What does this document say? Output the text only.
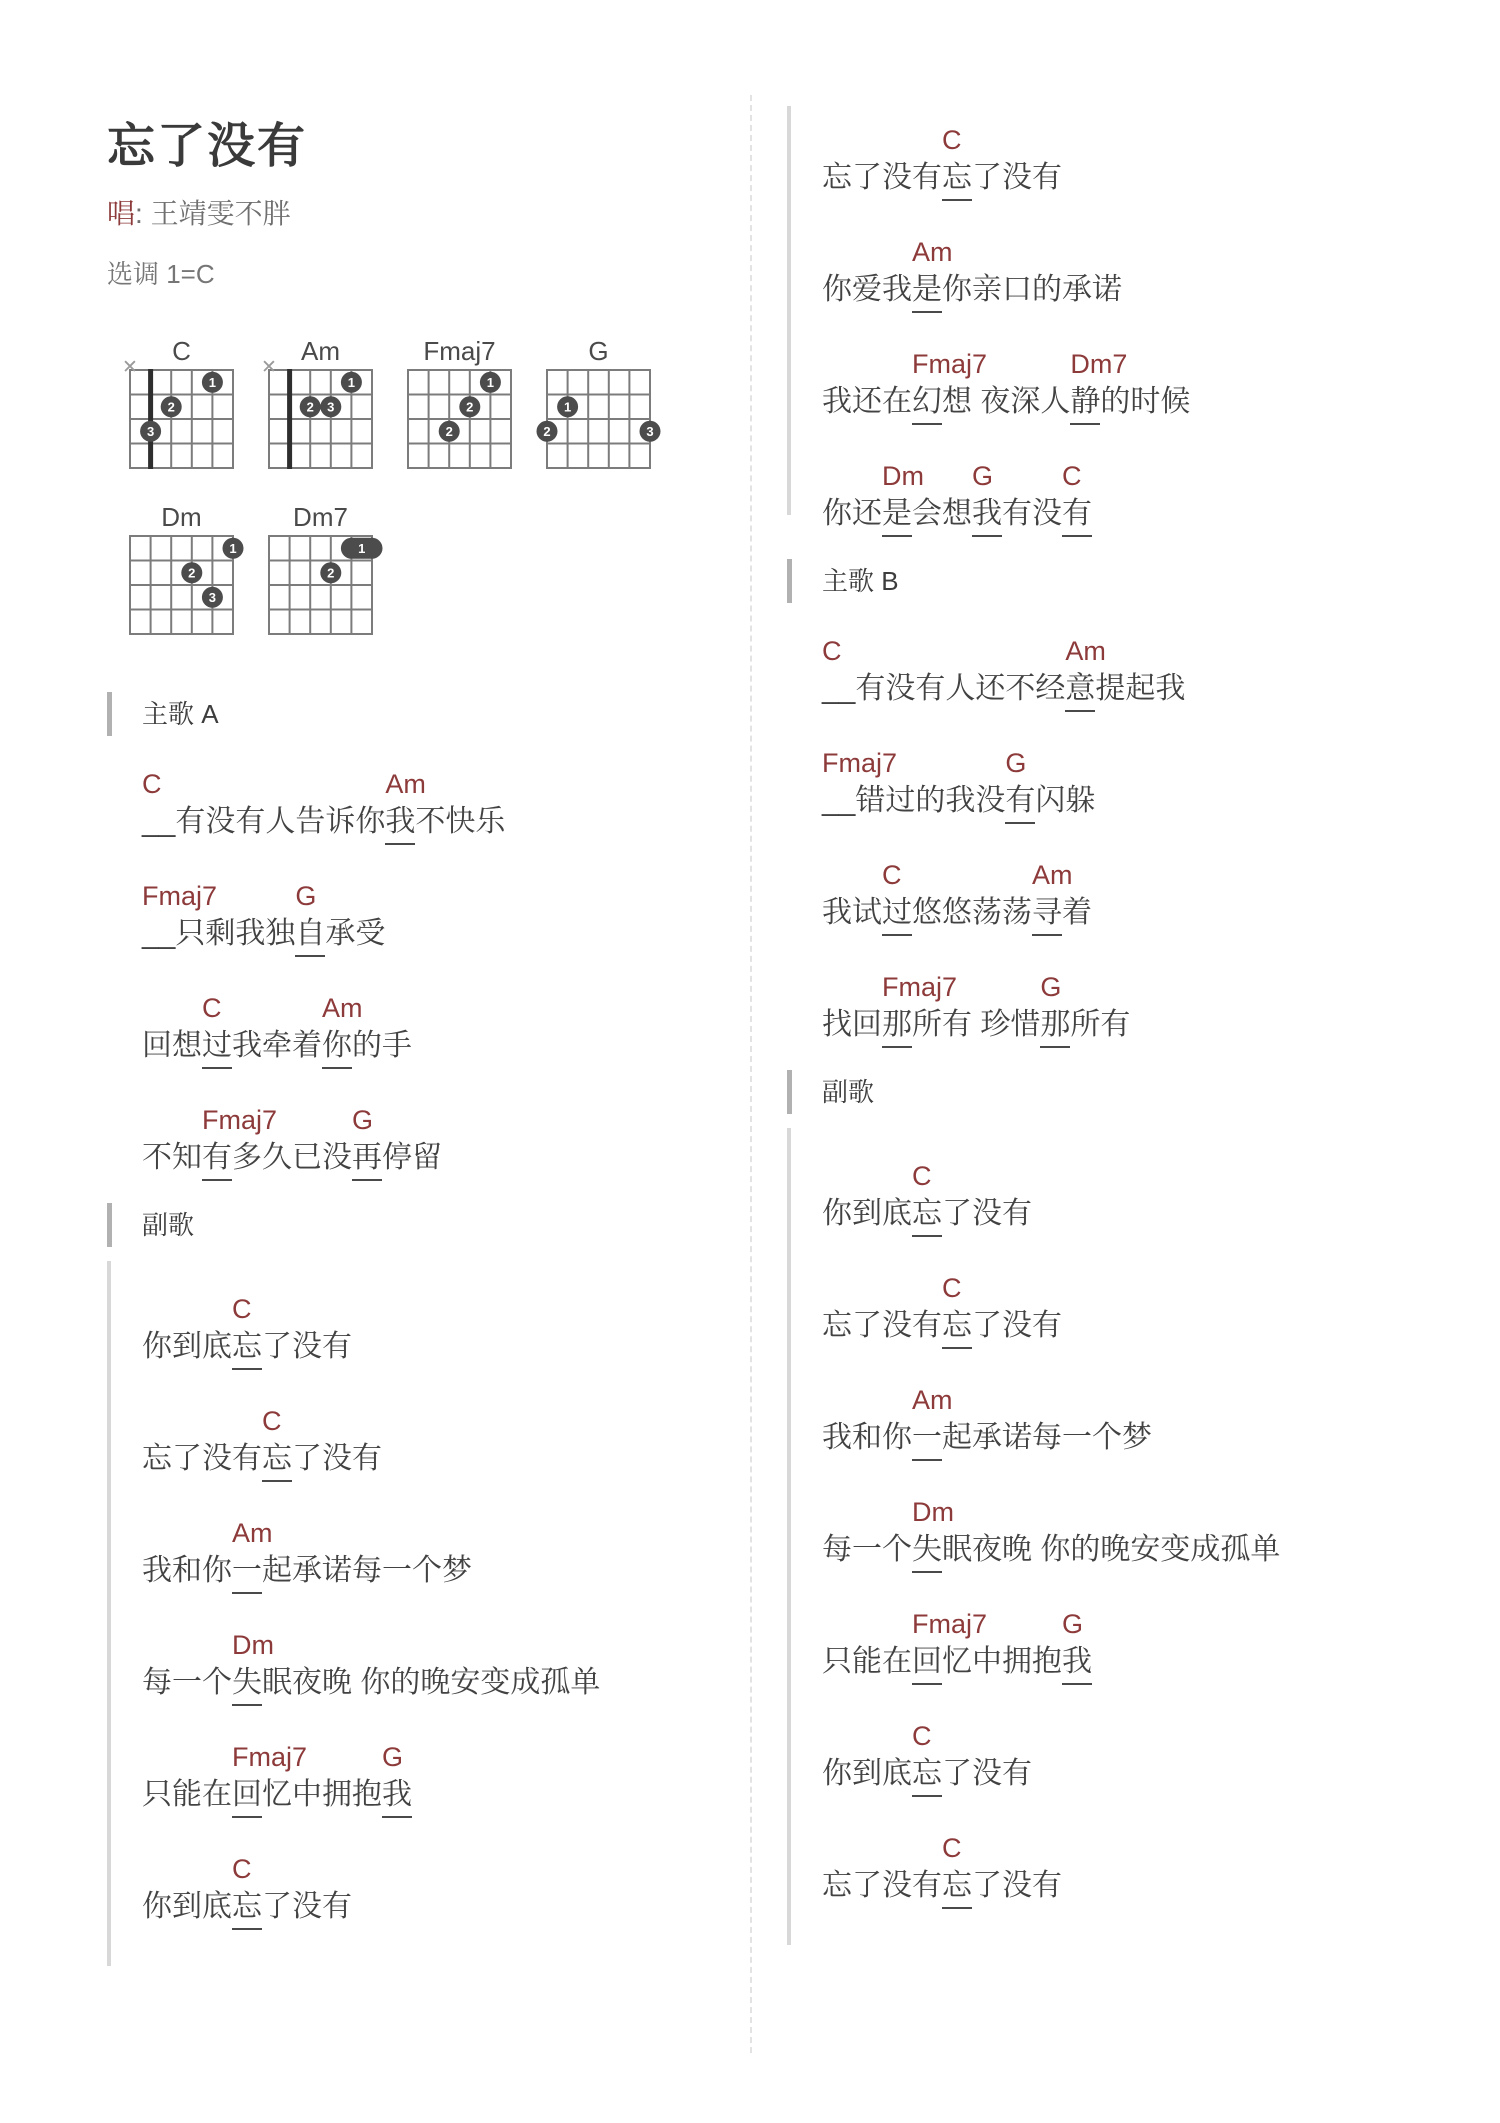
忘了没有
唱: 王靖雯不胖
选调 1=C
C
✕
1
2
3
Am
✕
1
2 3
Fmaj7
1
2
2
G
1
2	3
Dm
1
2
3
Dm7
1
2
主歌 A
C
__有没有人告诉你
Am
我不快乐
Fmaj7
__只剩我独
G
自承受
回想
C
过我牵着
Am
你的手
不知
Fmaj7
有多久已没
G
再停留
副歌
你到底
C
忘了没有
忘了没有
C
忘了没有
我和你
Am
一起承诺每一个梦
每一个
Dm
失眠夜晚 你的晚安变成孤单
只能在
Fmaj7
回忆中拥抱
G
我
你到底
C
忘了没有
忘了没有
C
忘了没有
你爱我
Am
是你亲口的承诺
我还在
Fmaj7
幻想 夜深人
Dm7
静的时候
你还
Dm
是会想
G
我有没
C
有
主歌 B
C
__有没有人还不经
Am
意提起我
Fmaj7
__错过的我没
G
有闪躲
我试
C
过悠悠荡荡
Am
寻着
找回
Fmaj7
那所有 珍惜
G
那所有
副歌
你到底
C
忘了没有
忘了没有
C
忘了没有
我和你
Am
一起承诺每一个梦
每一个
Dm
失眠夜晚 你的晚安变成孤单
只能在
Fmaj7
回忆中拥抱
G
我
你到底
C
忘了没有
忘了没有
C
忘了没有
